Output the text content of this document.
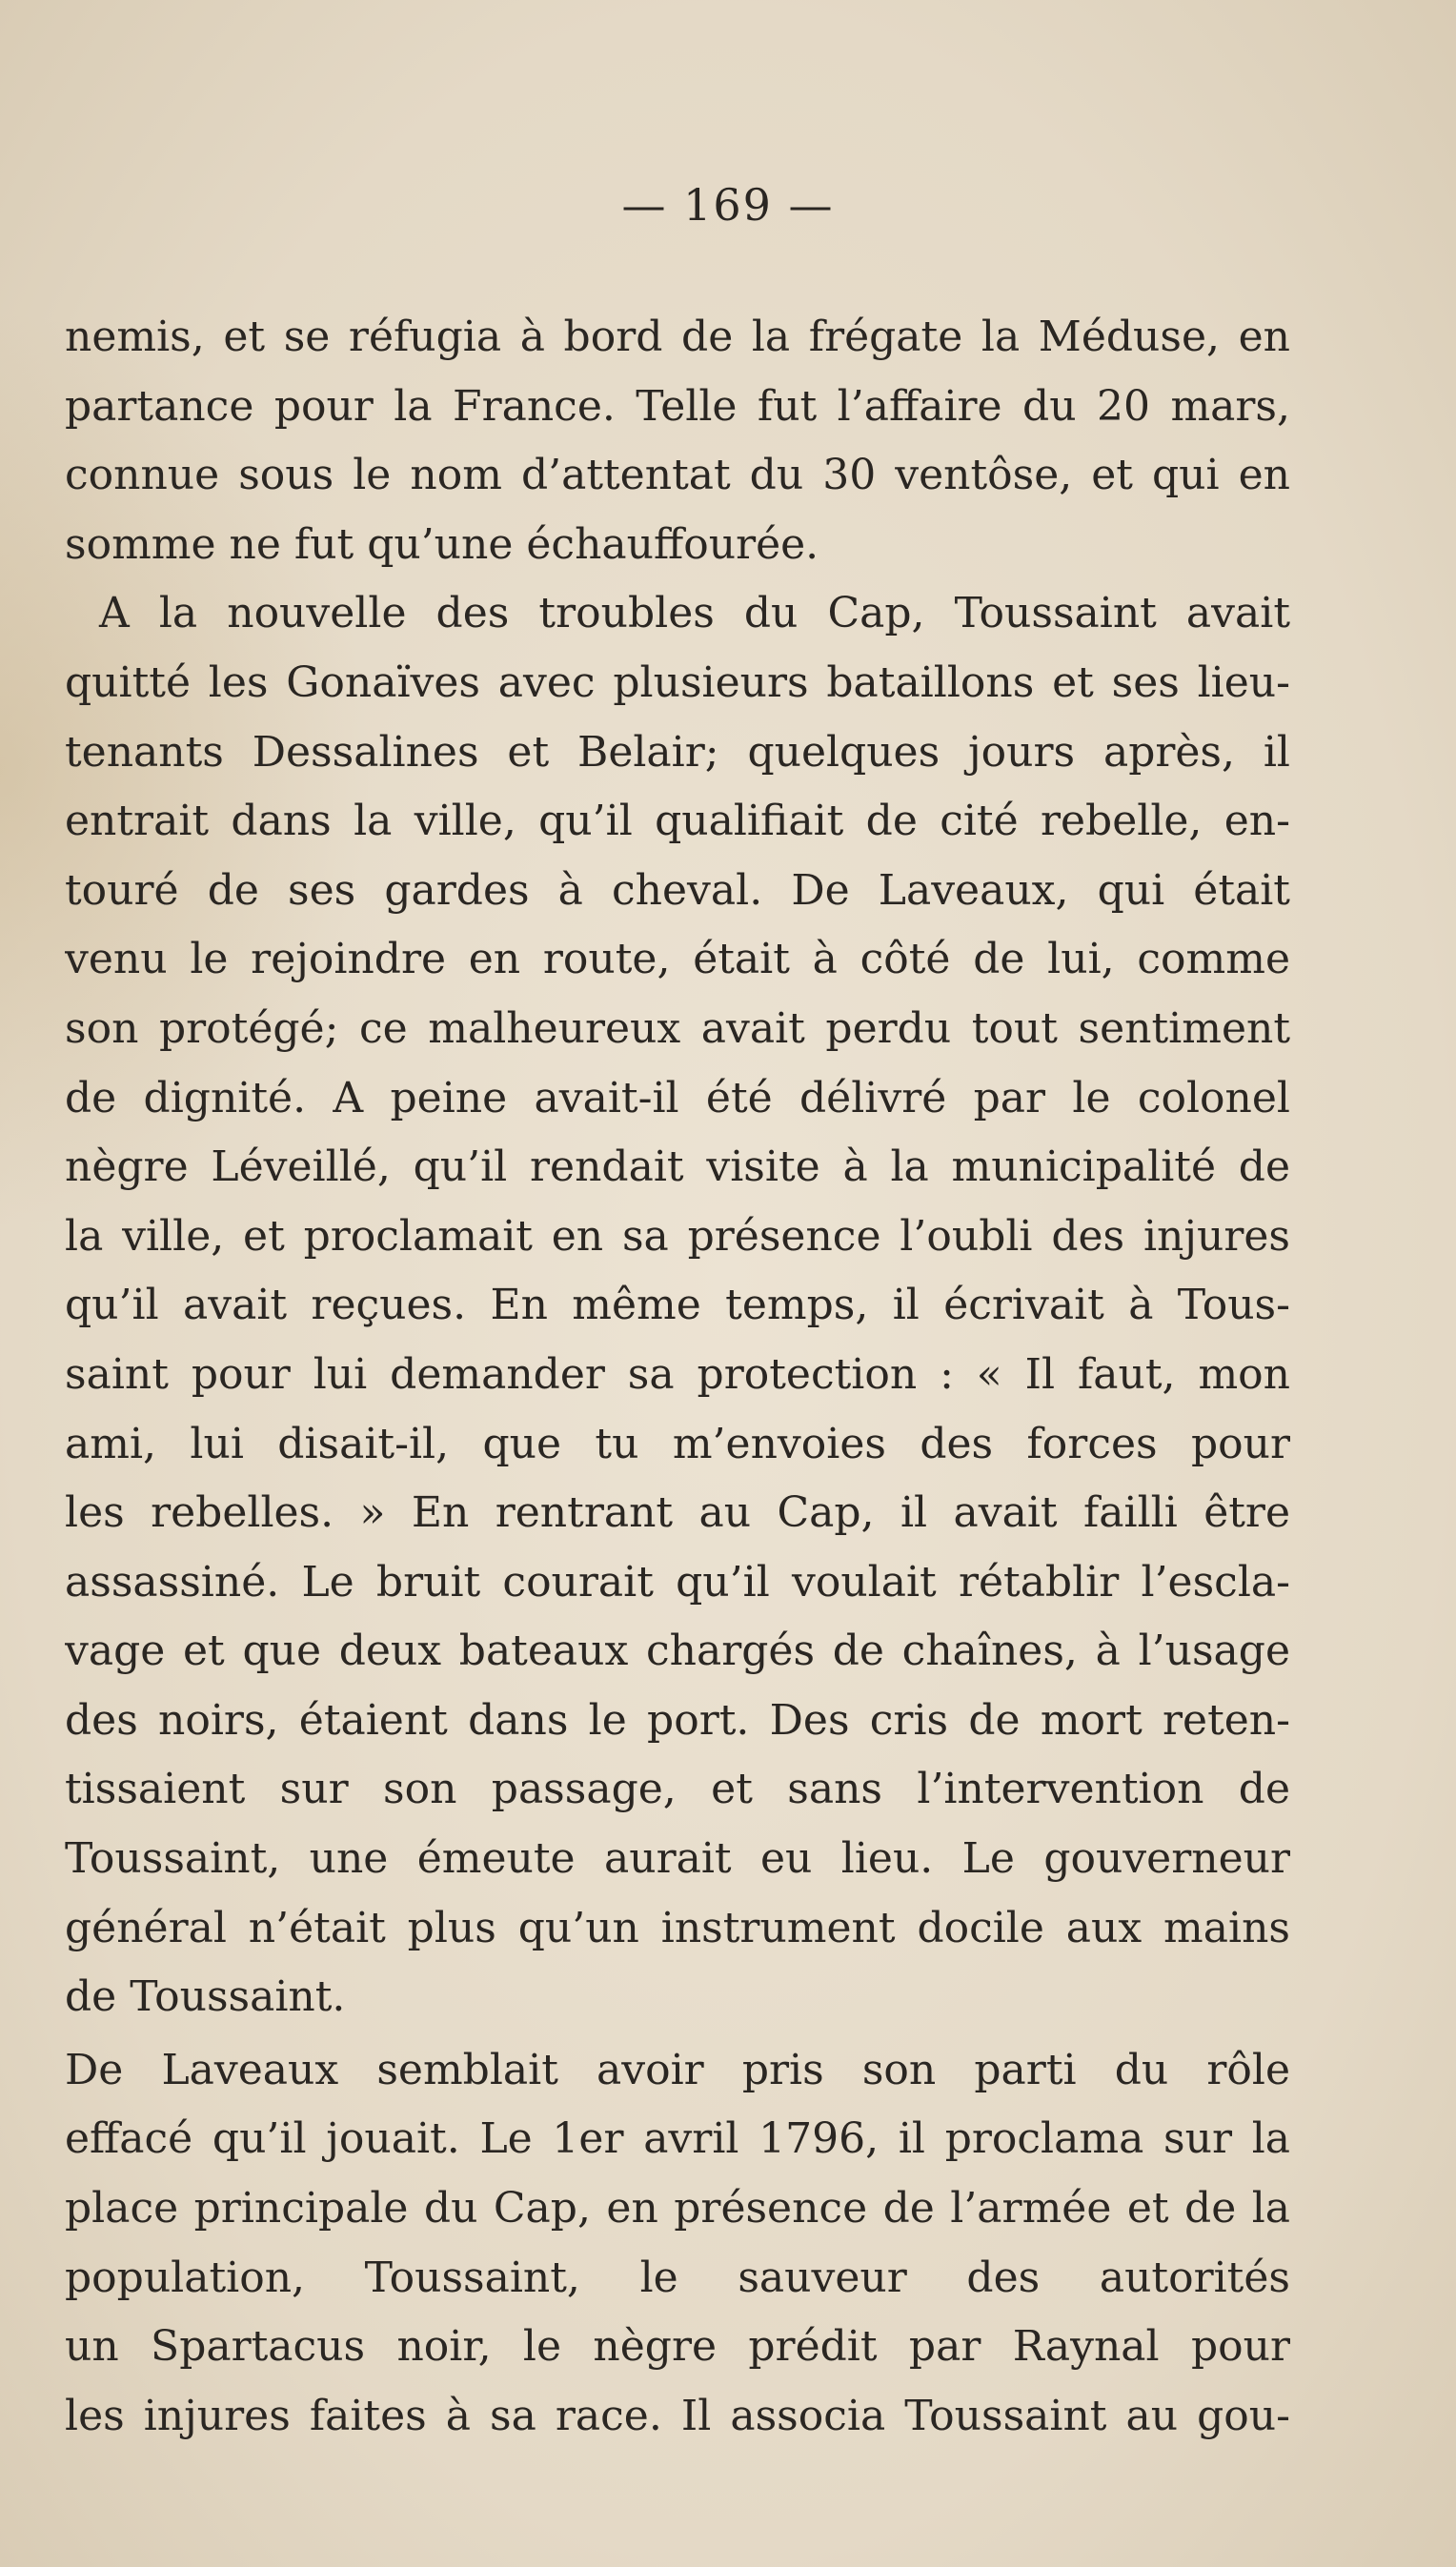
— 169 —
nemis, et se réfugia à bord de la frégate la Méduse, en
partance pour la France. Telle fut l’affaire du 20 mars,
connue sous le nom d’attentat du 30 ventôse, et qui en
somme ne fut qu’une échauffourée.
A la nouvelle des troubles du Cap, Toussaint avait
quitté les Gonaïves avec plusieurs bataillons et ses lieu-
tenants Dessalines et Belair; quelques jours après, il
entrait dans la ville, qu’il qualifiait de cité rebelle, en-
touré de ses gardes à cheval. De Laveaux, qui était
venu le rejoindre en route, était à côté de lui, comme
son protégé; ce malheureux avait perdu tout sentiment
de dignité. A peine avait-il été délivré par le colonel
nègre Léveillé, qu’il rendait visite à la municipalité de
la ville, et proclamait en sa présence l’oubli des injures
qu’il avait reçues. En même temps, il écrivait à Tous-
saint pour lui demander sa protection : « Il faut, mon
ami, lui disait-il, que tu m’envoies des forces pour
les rebelles. » En rentrant au Cap, il avait failli être
assassiné. Le bruit courait qu’il voulait rétablir l’escla-
vage et que deux bateaux chargés de chaînes, à l’usage
des noirs, étaient dans le port. Des cris de mort reten-
tissaient sur son passage, et sans l’intervention de
Toussaint, une émeute aurait eu lieu. Le gouverneur
général n’était plus qu’un instrument docile aux mains
de Toussaint.
De Laveaux semblait avoir pris son parti du rôle
effacé qu’il jouait. Le 1er avril 1796, il proclama sur la
place principale du Cap, en présence de l’armée et de la
population, Toussaint, le sauveur des autorités
un Spartacus noir, le nègre prédit par Raynal pour
les injures faites à sa race. Il associa Toussaint au gou-
